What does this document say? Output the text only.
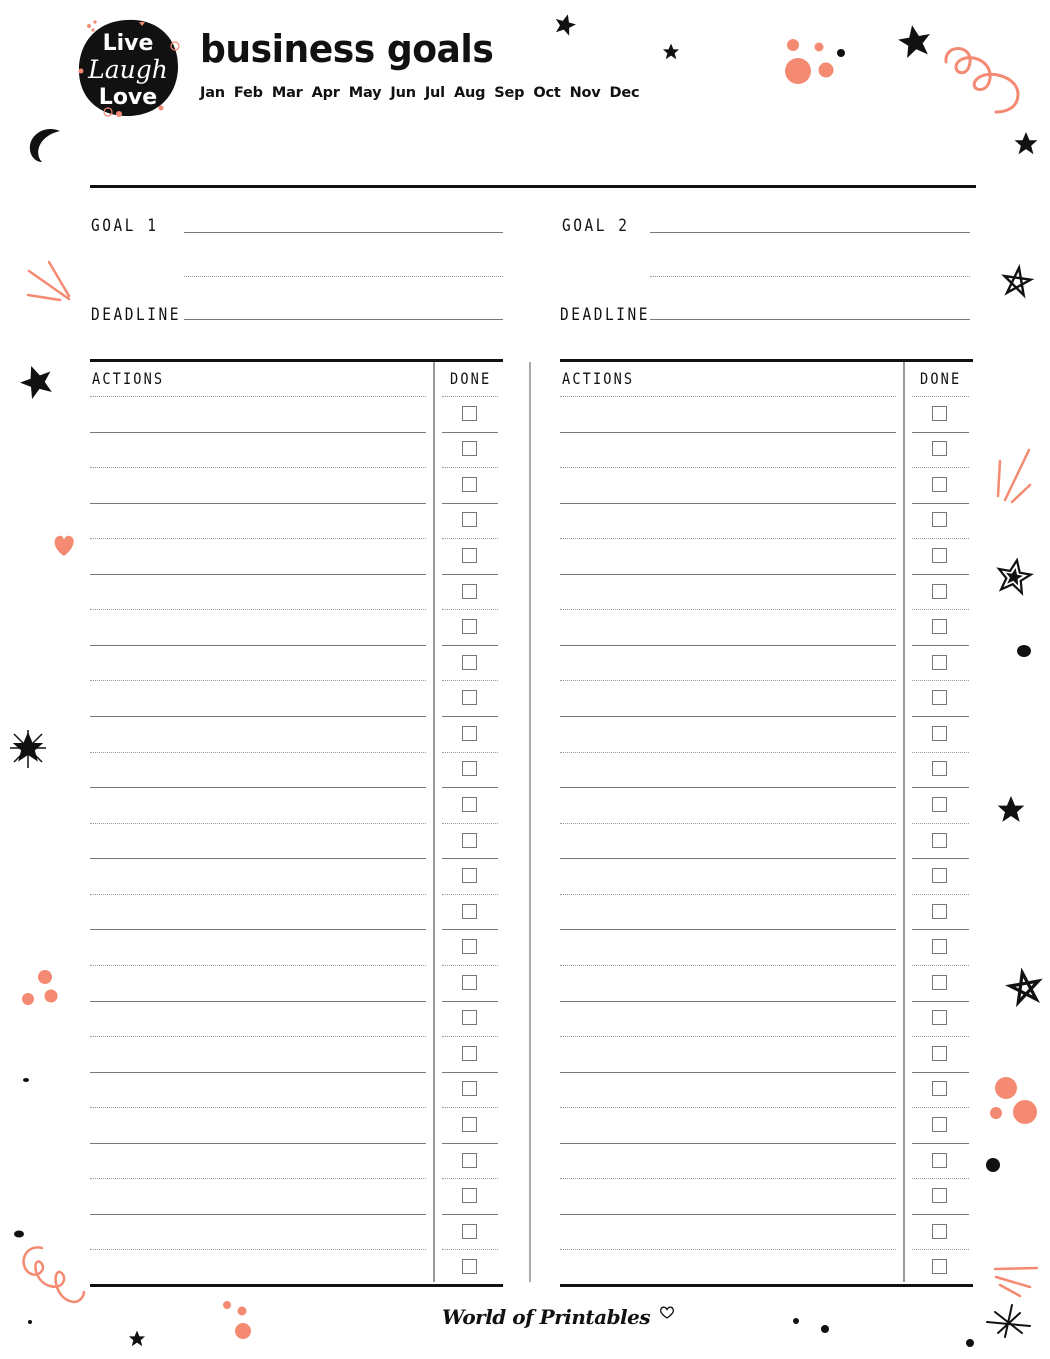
Live
Laugh
Love
business goals
Jan Feb Mar Apr May Jun Jul Aug Sep Oct Nov Dec
GOAL 1
DEADLINE
GOAL 2
DEADLINE
ACTIONS	DONE	ACTIONS	DONE
World of Printables
